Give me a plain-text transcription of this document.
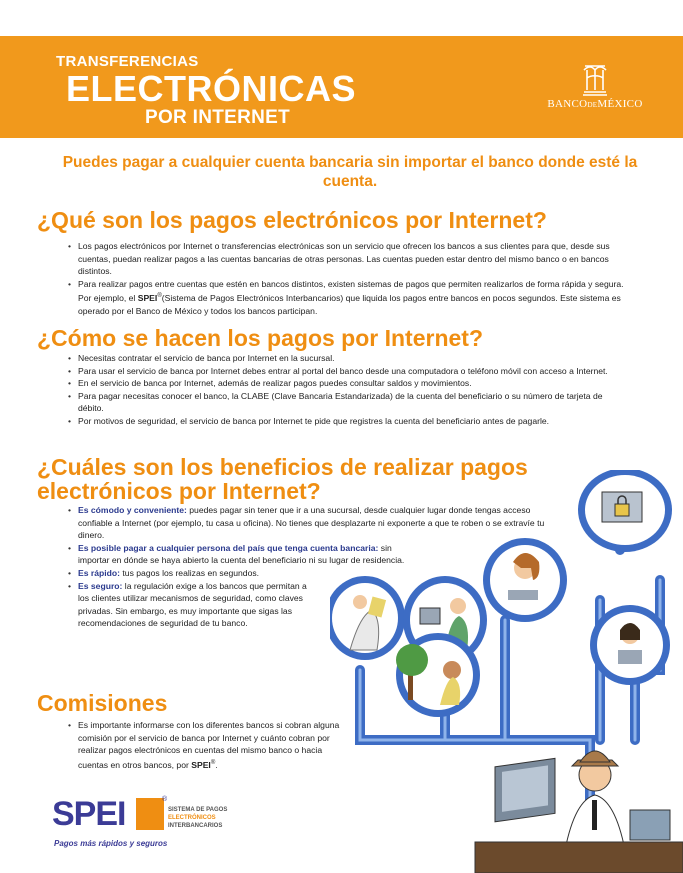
TRANSFERENCIAS
ELECTRÓNICAS
POR INTERNET
BANCODEMÉXICO
Puedes pagar a cualquier cuenta bancaria sin importar el banco donde esté la cuenta.
¿Qué son los pagos electrónicos por Internet?
• Los pagos electrónicos por Internet o transferencias electrónicas son un servicio que ofrecen los bancos a sus clientes para que, desde sus cuentas, puedan realizar pagos a las cuentas bancarias de otras personas. Las cuentas pueden estar dentro del mismo banco o en bancos distintos.
• Para realizar pagos entre cuentas que estén en bancos distintos, existen sistemas de pagos que permiten realizarlos de forma rápida y segura. Por ejemplo, el SPEI®(Sistema de Pagos Electrónicos Interbancarios) que liquida los pagos entre bancos en pocos segundos. Este sistema es operado por el Banco de México y todos los bancos participan.
¿Cómo se hacen los pagos por Internet?
• Necesitas contratar el servicio de banca por Internet en la sucursal.
• Para usar el servicio de banca por Internet debes entrar al portal del banco desde una computadora o teléfono móvil con acceso a Internet.
• En el servicio de banca por Internet, además de realizar pagos puedes consultar saldos y movimientos.
• Para pagar necesitas conocer el banco, la CLABE (Clave Bancaria Estandarizada) de la cuenta del beneficiario o su número de tarjeta de débito.
• Por motivos de seguridad, el servicio de banca por Internet te pide que registres la cuenta del beneficiario antes de pagarle.
¿Cuáles son los beneficios de realizar pagos electrónicos por Internet?
• Es cómodo y conveniente: puedes pagar sin tener que ir a una sucursal, desde cualquier lugar donde tengas acceso confiable a Internet (por ejemplo, tu casa u oficina). No tienes que desplazarte ni exponerte a que te roben o se extravíe tu dinero.
• Es posible pagar a cualquier persona del país que tenga cuenta bancaria: sin importar en dónde se haya abierto la cuenta del beneficiario ni su lugar de residencia.
• Es rápido: tus pagos los realizas en segundos.
• Es seguro: la regulación exige a los bancos que permitan a los clientes utilizar mecanismos de seguridad, como claves privadas. Sin embargo, es muy importante que sigas las recomendaciones de seguridad de tu banco.
Comisiones
• Es importante informarse con los diferentes bancos si cobran alguna comisión por el servicio de banca por Internet y cuánto cobran por realizar pagos electrónicos en cuentas del mismo banco o hacia cuentas en otros bancos, por SPEI®.
SPEI	®
SISTEMA DE PAGOS
ELECTRÓNICOS
INTERBANCARIOS
Pagos más rápidos y seguros
